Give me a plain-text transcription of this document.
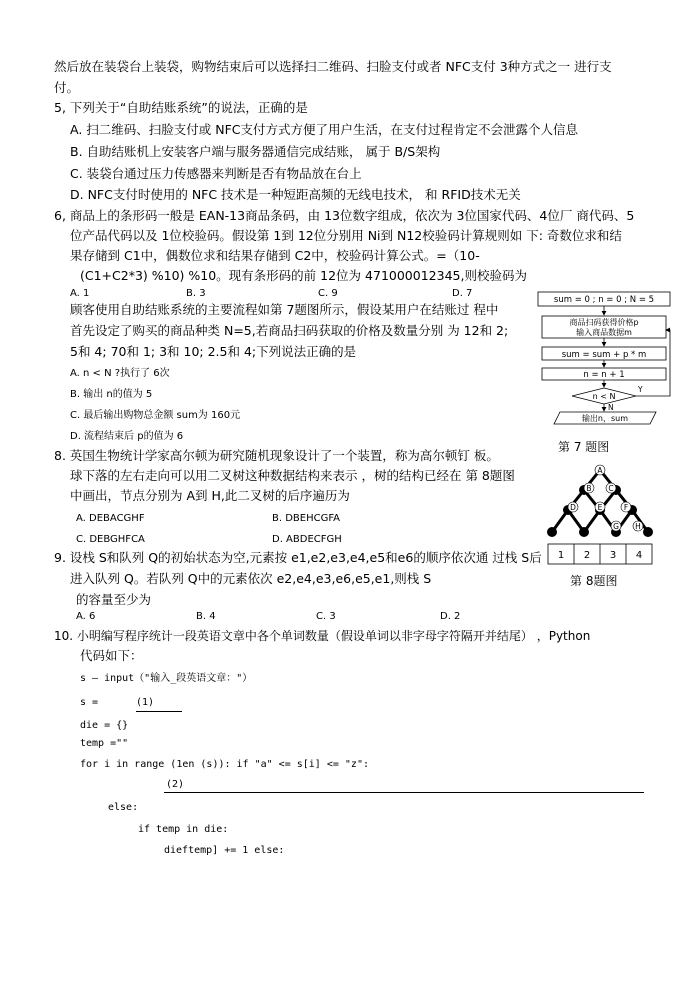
然后放在装袋台上装袋，购物结束后可以选择扫二维码、扫脸支付或者 NFC支付 3种方式之一 进行支
付。
5, 下列关于“自助结账系统”的说法，正确的是
A. 扫二维码、扫脸支付或 NFC支付方式方便了用户生活，在支付过程肯定不会泄露个人信息
B. 自助结账机上安装客户端与服务器通信完成结账， 属于 B/S架构
C. 装袋台通过压力传感器来判断是否有物品放在台上
D. NFC支付时使用的 NFC 技术是一种短距高频的无线电技术， 和 RFID技术无关
6, 商品上的条形码一般是 EAN-13商品条码，由 13位数字组成，依次为 3位国家代码、4位厂 商代码、5
位产品代码以及 1位校验码。假设第 1到 12位分别用 Ni到 N12校验码计算规则如 下: 奇数位求和结
果存储到 C1中，偶数位求和结果存储到 C2中，校验码计算公式。=（10-
(C1+C2*3) %10) %10。现有条形码的前 12位为 471000012345,则校验码为
A. 1	B. 3	C. 9	D. 7
顾客使用自助结账系统的主要流程如第 7题图所示，假设某用户在结账过 程中
首先设定了购买的商品种类 N=5,若商品扫码获取的价格及数量分别 为 12和 2;
5和 4; 70和 1; 3和 10; 2.5和 4;下列说法正确的是
A. n < N ?执行了 6次
B. 输出 n的值为 5
C. 最后输出购物总金额 sum为 160元
D. 流程结束后 p的值为 6
sum = 0 ; n = 0 ; N = 5
商品扫码获得价格p
输入商品数据m
sum = sum + p * m
n = n + 1
n < N
Y
N
输出n，sum
第 7 题图
A
B C
D	E	F
G H
1 2 3 4
第 8题图
8. 英国生物统计学家高尔顿为研究随机现象设计了一个装置，称为高尔顿钉 板。
球下落的左右走向可以用二叉树这种数据结构来表示 ，树的结构已经在 第 8题图
中画出，节点分别为 A到 H,此二叉树的后序遍历为
A. DEBACGHF	B. DBEHCGFA
C. DEBGHFCA	D. ABDECFGH
9. 设栈 S和队列 Q的初始状态为空,元素按 e1,e2,e3,e4,e5和e6的顺序依次通 过栈 S后
进入队列 Q。若队列 Q中的元素依次 e2,e4,e3,e6,e5,e1,则栈 S
的容量至少为
A. 6	B. 4	C. 3	D. 2
10. 小明编写程序统计一段英语文章中各个单词数量（假设单词以非字母字符隔开并结尾） ，Python
代码如下：
s — input（"输入_段英语文章："）
s =	(1)
die = {}
temp =""
for i in range (1en (s)): if "a" <= s[i] <= "z":
(2)
else:
if temp in die:
dieftemp] += 1 else:
